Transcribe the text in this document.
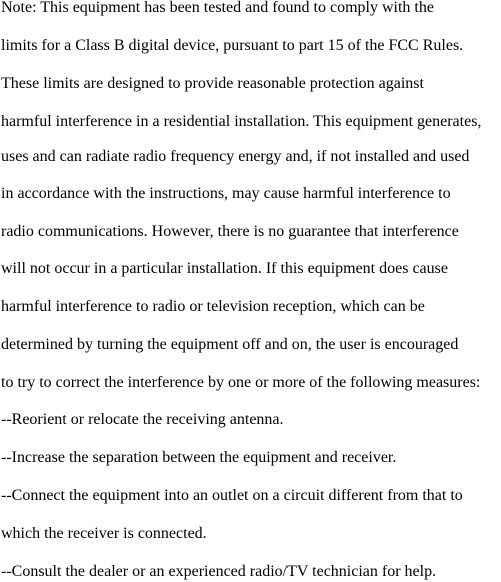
Note: This equipment has been tested and found to comply with the

limits for a Class B digital device, pursuant to part 15 of the FCC Rules.

These limits are designed to provide reasonable protection against

harmful interference in a residential installation. This equipment generates,

uses and can radiate radio frequency energy and, if not installed and used

in accordance with the instructions, may cause harmful interference to

radio communications. However, there is no guarantee that interference

will not occur in a particular installation. If this equipment does cause

harmful interference to radio or television reception, which can be

determined by turning the equipment off and on, the user is encouraged

to try to correct the interference by one or more of the following measures:

--Reorient or relocate the receiving antenna.

--Increase the separation between the equipment and receiver.

--Connect the equipment into an outlet on a circuit different from that to

which the receiver is connected.

--Consult the dealer or an experienced radio/TV technician for help.
